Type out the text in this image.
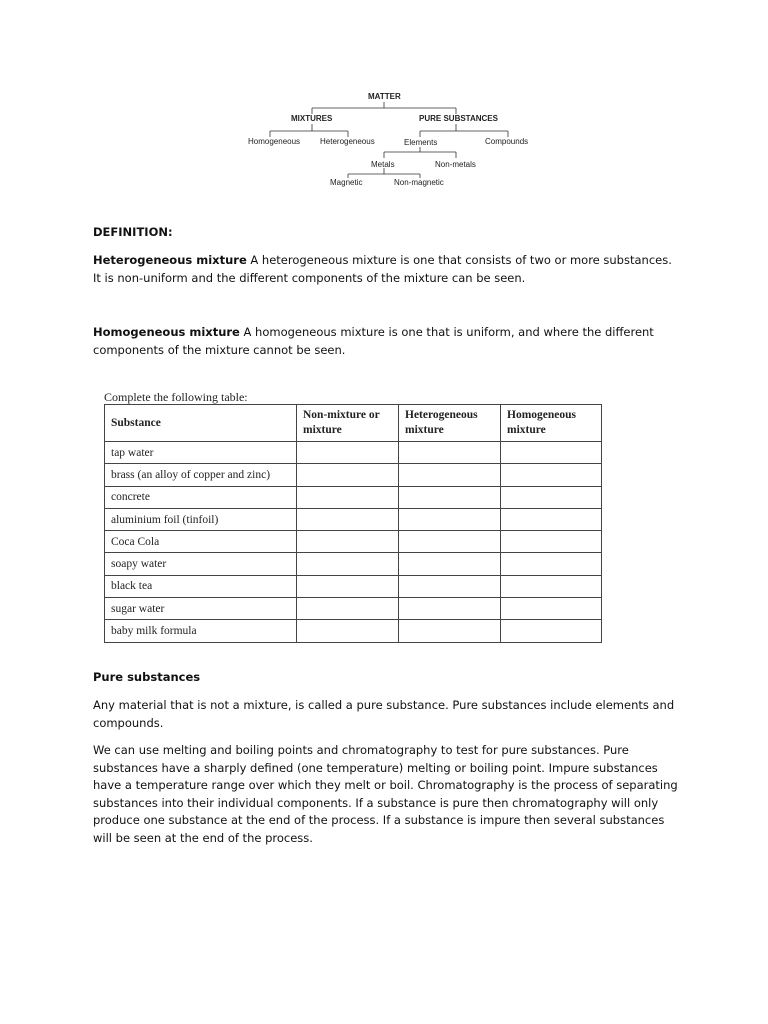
MATTER
MIXTURES	PURE SUBSTANCES
Homogeneous Heterogeneous	Elements	Compounds
Metals	Non-metals
Magnetic	Non-magnetic
DEFINITION:
Heterogeneous mixture A heterogeneous mixture is one that consists of two or more substances. It is non-uniform and the different components of the mixture can be seen.
Homogeneous mixture A homogeneous mixture is one that is uniform, and where the different components of the mixture cannot be seen.
Complete the following table:
Substance	Non-mixture or mixture	Heterogeneous mixture	Homogeneous mixture
tap water			
brass (an alloy of copper and zinc)			
concrete			
aluminium foil (tinfoil)			
Coca Cola			
soapy water			
black tea			
sugar water			
baby milk formula			
Pure substances
Any material that is not a mixture, is called a pure substance. Pure substances include elements and compounds.
We can use melting and boiling points and chromatography to test for pure substances. Pure substances have a sharply defined (one temperature) melting or boiling point. Impure substances have a temperature range over which they melt or boil. Chromatography is the process of separating substances into their individual components. If a substance is pure then chromatography will only produce one substance at the end of the process. If a substance is impure then several substances will be seen at the end of the process.
